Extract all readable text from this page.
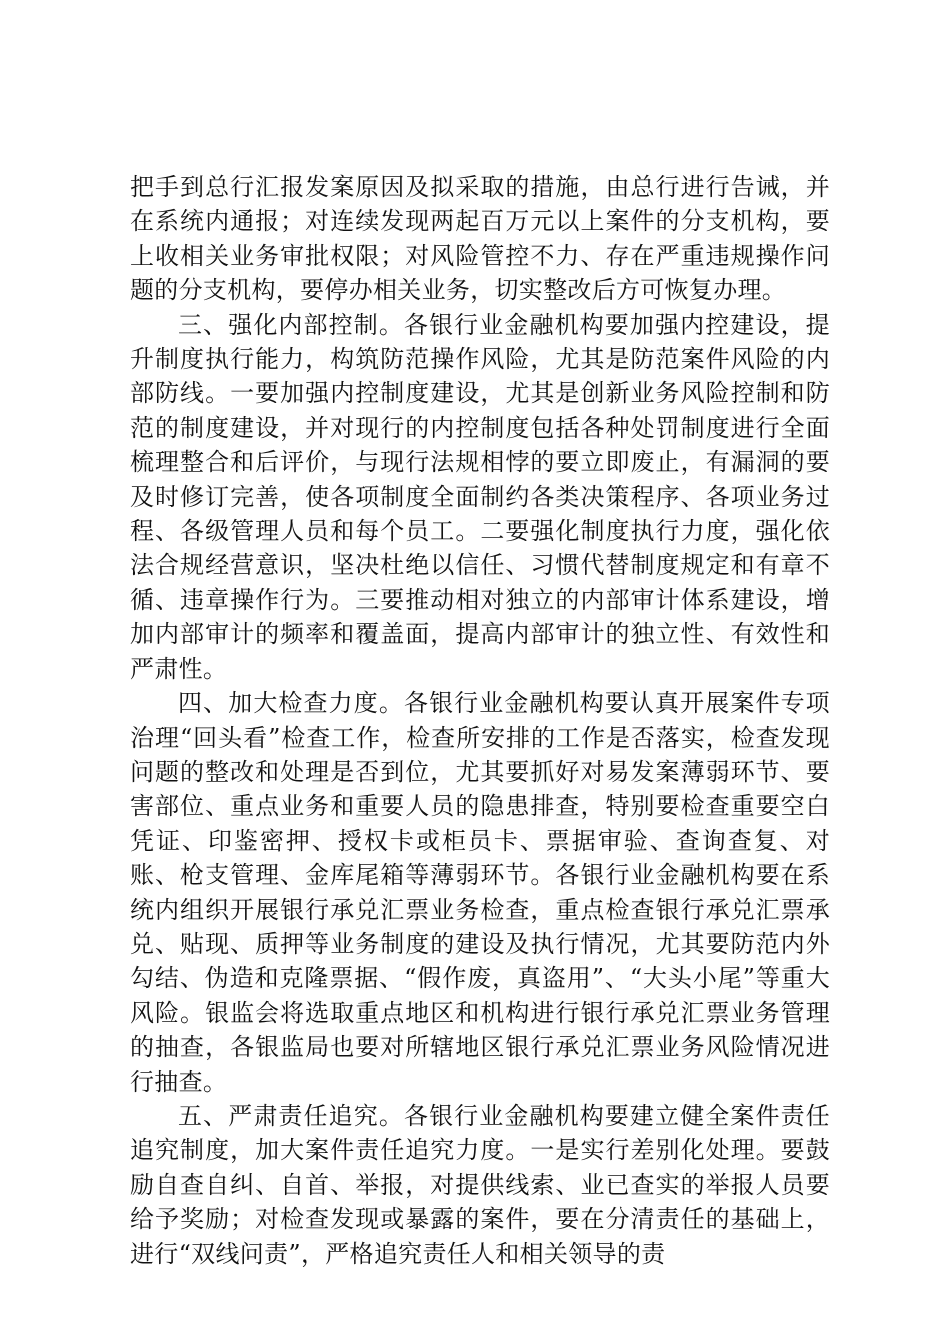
把手到总行汇报发案原因及拟采取的措施，由总行进行告诫，并在系统内通报；对连续发现两起百万元以上案件的分支机构，要上收相关业务审批权限；对风险管控不力、存在严重违规操作问题的分支机构，要停办相关业务，切实整改后方可恢复办理。

三、强化内部控制。各银行业金融机构要加强内控建设，提升制度执行能力，构筑防范操作风险，尤其是防范案件风险的内部防线。一要加强内控制度建设，尤其是创新业务风险控制和防范的制度建设，并对现行的内控制度包括各种处罚制度进行全面梳理整合和后评价，与现行法规相悖的要立即废止，有漏洞的要及时修订完善，使各项制度全面制约各类决策程序、各项业务过程、各级管理人员和每个员工。二要强化制度执行力度，强化依法合规经营意识，坚决杜绝以信任、习惯代替制度规定和有章不循、违章操作行为。三要推动相对独立的内部审计体系建设，增加内部审计的频率和覆盖面，提高内部审计的独立性、有效性和严肃性。

四、加大检查力度。各银行业金融机构要认真开展案件专项治理“回头看”检查工作，检查所安排的工作是否落实，检查发现问题的整改和处理是否到位，尤其要抓好对易发案薄弱环节、要害部位、重点业务和重要人员的隐患排查，特别要检查重要空白凭证、印鉴密押、授权卡或柜员卡、票据审验、查询查复、对账、枪支管理、金库尾箱等薄弱环节。各银行业金融机构要在系统内组织开展银行承兑汇票业务检查，重点检查银行承兑汇票承兑、贴现、质押等业务制度的建设及执行情况，尤其要防范内外勾结、伪造和克隆票据、“假作废，真盗用”、“大头小尾”等重大风险。银监会将选取重点地区和机构进行银行承兑汇票业务管理的抽查，各银监局也要对所辖地区银行承兑汇票业务风险情况进行抽查。

五、严肃责任追究。各银行业金融机构要建立健全案件责任追究制度，加大案件责任追究力度。一是实行差别化处理。要鼓励自查自纠、自首、举报，对提供线索、业已查实的举报人员要给予奖励；对检查发现或暴露的案件，要在分清责任的基础上，进行“双线问责”，严格追究责任人和相关领导的责
